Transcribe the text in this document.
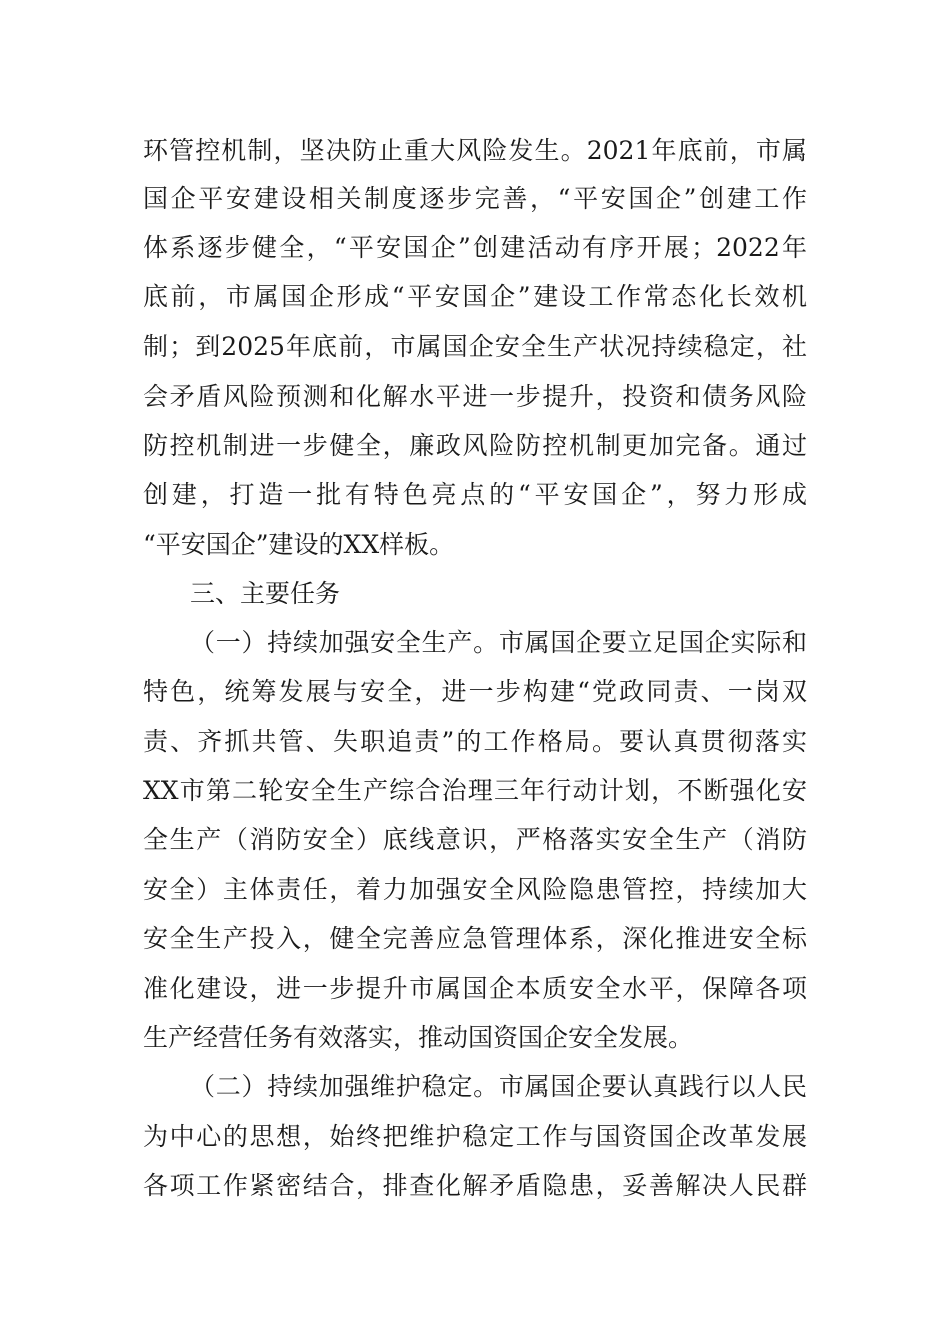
环管控机制，坚决防止重大风险发生。2021年底前，市属
国企平安建设相关制度逐步完善，“平安国企”创建工作
体系逐步健全，“平安国企”创建活动有序开展；2022年
底前，市属国企形成“平安国企”建设工作常态化长效机
制；到2025年底前，市属国企安全生产状况持续稳定，社
会矛盾风险预测和化解水平进一步提升，投资和债务风险
防控机制进一步健全，廉政风险防控机制更加完备。通过
创建，打造一批有特色亮点的“平安国企”，努力形成
“平安国企”建设的XX样板。
三、主要任务
（一）持续加强安全生产。市属国企要立足国企实际和
特色，统筹发展与安全，进一步构建“党政同责、一岗双
责、齐抓共管、失职追责”的工作格局。要认真贯彻落实
XX市第二轮安全生产综合治理三年行动计划，不断强化安
全生产（消防安全）底线意识，严格落实安全生产（消防
安全）主体责任，着力加强安全风险隐患管控，持续加大
安全生产投入，健全完善应急管理体系，深化推进安全标
准化建设，进一步提升市属国企本质安全水平，保障各项
生产经营任务有效落实，推动国资国企安全发展。
（二）持续加强维护稳定。市属国企要认真践行以人民
为中心的思想，始终把维护稳定工作与国资国企改革发展
各项工作紧密结合，排查化解矛盾隐患，妥善解决人民群
